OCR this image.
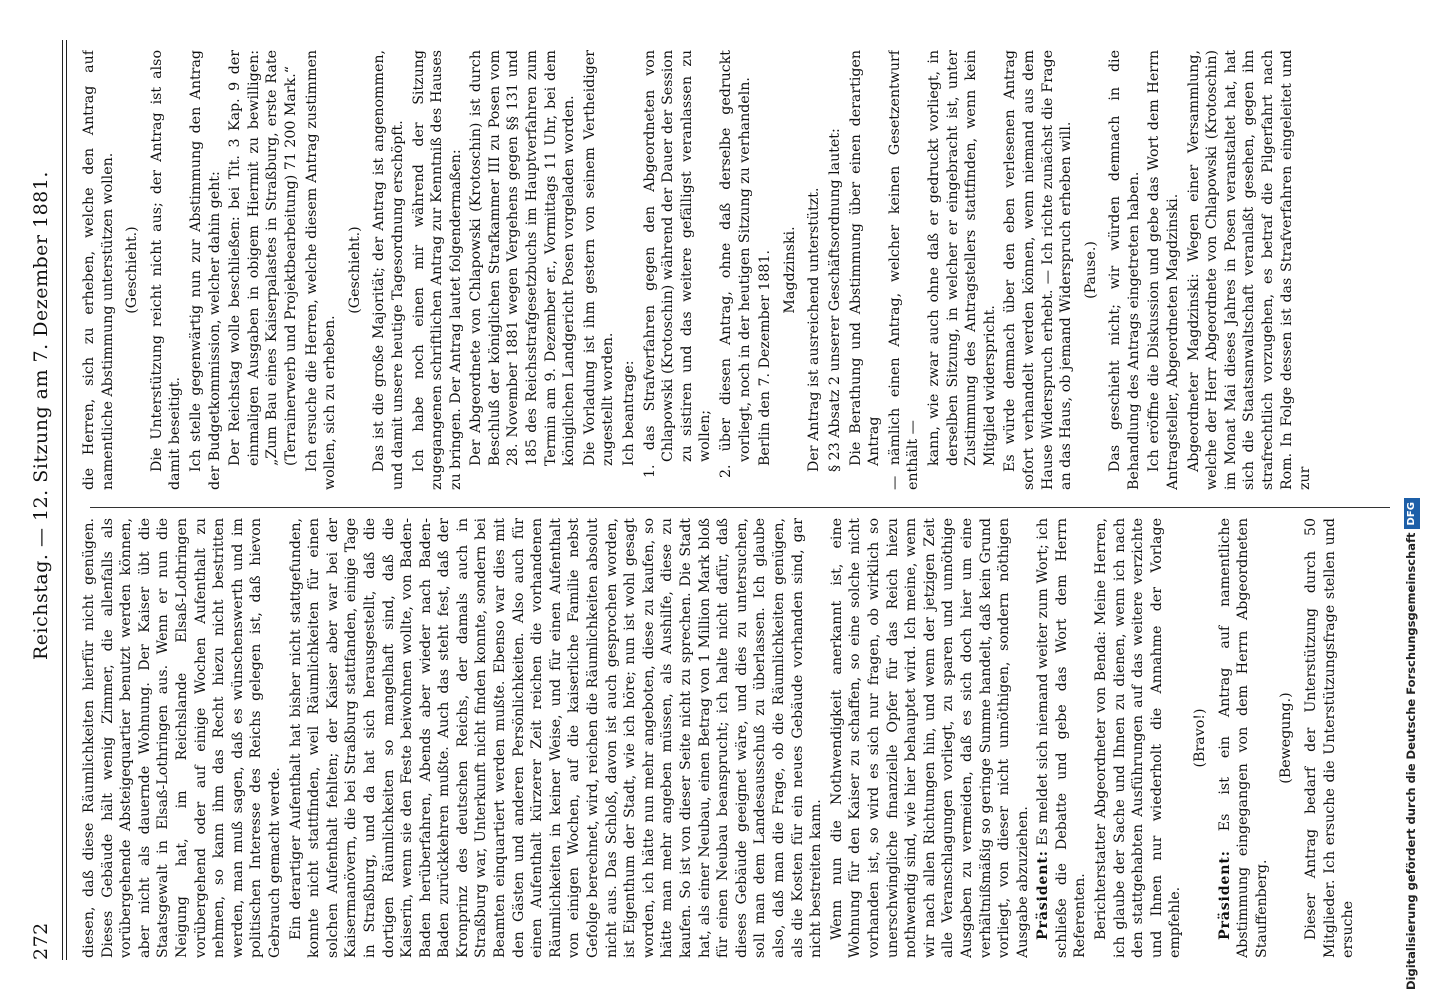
272
Reichstag. — 12. Sitzung am 7. Dezember 1881.

diesen, daß diese Räumlichkeiten hierfür nicht genügen. Dieses Gebäude hält wenig Zimmer, die allenfalls als vorübergehende Absteigequartier benutzt werden können, aber nicht als dauernde Wohnung. Der Kaiser übt die Staatsgewalt in Elsaß-Lothringen aus. Wenn er nun die Neigung hat, im Reichslande Elsaß-Lothringen vorübergehend oder auf einige Wochen Aufenthalt zu nehmen, so kann ihm das Recht hiezu nicht bestritten werden, man muß sagen, daß es wünschenswerth und im politischen Interesse des Reichs gelegen ist, daß hievon Gebrauch gemacht werde. Ein derartiger Aufenthalt hat bisher nicht stattgefunden, konnte nicht stattfinden, weil Räumlichkeiten für einen solchen Aufenthalt fehlten; der Kaiser aber war bei der Kaisermanövern, die bei Straßburg stattfanden, einige Tage in Straßburg, und da hat sich herausgestellt, daß die dortigen Räumlichkeiten so mangelhaft sind, daß die Kaiserin, wenn sie den Feste beiwohnen wollte, von Baden-Baden herüberfahren, Abends aber wieder nach Baden-Baden zurückkehren mußte. Auch das steht fest, daß der Kronprinz des deutschen Reichs, der damals auch in Straßburg war, Unterkunft nicht finden konnte, sondern bei Beamten einquartiert werden mußte. Ebenso war dies mit den Gästen und anderen Persönlichkeiten. Also auch für einen Aufenthalt kürzerer Zeit reichen die vorhandenen Räumlichkeiten in keiner Weise, und für einen Aufenthalt von einigen Wochen, auf die kaiserliche Familie nebst Gefolge berechnet, wird, reichen die Räumlichkeiten absolut nicht aus. Das Schloß, davon ist auch gesprochen worden, ist Eigenthum der Stadt, wie ich höre; nun ist wohl gesagt worden, ich hätte nun mehr angeboten, diese zu kaufen, so hätte man mehr angeben müssen, als Aushilfe, diese zu kaufen. So ist von dieser Seite nicht zu sprechen. Die Stadt hat, als einer Neubau, einen Betrag von 1 Million Mark bloß für einen Neubau beansprucht; ich halte nicht dafür, daß dieses Gebäude geeignet wäre, und dies zu untersuchen, soll man dem Landesausschuß zu überlassen. Ich glaube also, daß man die Frage, ob die Räumlichkeiten genügen, als die Kosten für ein neues Gebäude vorhanden sind, gar nicht bestreiten kann. Wenn nun die Nothwendigkeit anerkannt ist, eine Wohnung für den Kaiser zu schaffen, so eine solche nicht vorhanden ist, so wird es sich nur fragen, ob wirklich so unerschwingliche finanzielle Opfer für das Reich hiezu nothwendig sind, wie hier behauptet wird. Ich meine, wenn wir nach allen Richtungen hin, und wenn der jetzigen Zeit alle Veranschlagungen vorliegt, zu sparen und unnöthige Ausgaben zu vermeiden, daß es sich doch hier um eine verhältnißmäßig so geringe Summe handelt, daß kein Grund vorliegt, von dieser nicht unnöthigen, sondern nöthigen Ausgabe abzuziehen. Präsident: Es meldet sich niemand weiter zum Wort; ich schließe die Debatte und gebe das Wort dem Herrn Referenten. Berichterstatter Abgeordneter von Benda: Meine Herren, ich glaube der Sache und Ihnen zu dienen, wenn ich nach den stattgehabten Ausführungen auf das weitere verzichte und Ihnen nur wiederholt die Annahme der Vorlage empfehle.

(Bravo!)

Präsident: Es ist ein Antrag auf namentliche Abstimmung eingegangen von dem Herrn Abgeordneten Stauffenberg.

(Bewegung.) Dieser Antrag bedarf der Unterstützung durch 50 Mitglieder. Ich ersuche die Unterstützungsfrage stellen und ersuche

die Herren, sich zu erheben, welche den Antrag auf namentliche Abstimmung unterstützen wollen. (Geschieht.) Die Unterstützung reicht nicht aus; der Antrag ist also damit beseitigt. Ich stelle gegenwärtig nun zur Abstimmung den Antrag der Budgetkommission, welcher dahin geht: Der Reichstag wolle beschließen: bei Tit. 3 Kap. 9 der einmaligen Ausgaben in obigem Hiermit zu bewilligen: „Zum Bau eines Kaiserpalastes in Straßburg, erste Rate (Terrainerwerb und Projektbearbeitung) 71 200 Mark.“ Ich ersuche die Herren, welche diesem Antrag zustimmen wollen, sich zu erheben.

(Geschieht.) Das ist die große Majorität; der Antrag ist angenommen, und damit unsere heutige Tagesordnung erschöpft. Ich habe noch einen mir während der Sitzung zugegangenen schriftlichen Antrag zur Kenntniß des Hauses zu bringen. Der Antrag lautet folgendermaßen: Der Abgeordnete von Chlapowski (Krotoschin) ist durch Beschluß der königlichen Strafkammer III zu Posen vom 28. November 1881 wegen Vergehens gegen §§ 131 und 185 des Reichsstrafgesetzbuchs im Hauptverfahren zum Termin am 9. Dezember er., Vormittags 11 Uhr, bei dem königlichen Landgericht Posen vorgeladen worden. Die Vorladung ist ihm gestern von seinem Vertheidiger zugestellt worden. Ich beantrage: 1. das Strafverfahren gegen den Abgeordneten von Chlapowski (Krotoschin) während der Dauer der Session zu sistiren und das weitere gefälligst veranlassen zu wollen; 2. über diesen Antrag, ohne daß derselbe gedruckt vorliegt, noch in der heutigen Sitzung zu verhandeln. Berlin den 7. Dezember 1881. Magdzinski. Der Antrag ist ausreichend unterstützt. § 23 Absatz 2 unserer Geschäftsordnung lautet: Die Berathung und Abstimmung über einen derartigen Antrag — nämlich einen Antrag, welcher keinen Gesetzentwurf enthält — kann, wie zwar auch ohne daß er gedruckt vorliegt, in derselben Sitzung, in welcher er eingebracht ist, unter Zustimmung des Antragstellers stattfinden, wenn kein Mitglied widerspricht. Es würde demnach über den eben verlesenen Antrag sofort verhandelt werden können, wenn niemand aus dem Hause Widerspruch erhebt. — Ich richte zunächst die Frage an das Haus, ob jemand Widerspruch erheben will. (Pause.) Das geschieht nicht; wir würden demnach in die Behandlung des Antrags eingetreten haben. Ich eröffne die Diskussion und gebe das Wort dem Herrn Antragsteller, Abgeordneten Magdzinski. Abgeordneter Magdzinski: Wegen einer Versammlung, welche der Herr Abgeordnete von Chlapowski (Krotoschin) im Monat Mai dieses Jahres in Posen veranstaltet hat, hat sich die Staatsanwaltschaft veranlaßt gesehen, gegen ihn strafrechtlich vorzugehen, es betraf die Pilgerfahrt nach Rom. In Folge dessen ist das Strafverfahren eingeleitet und zur

Digitalisierung gefördert durch die Deutsche ForschungsgemeinschaftDFG
